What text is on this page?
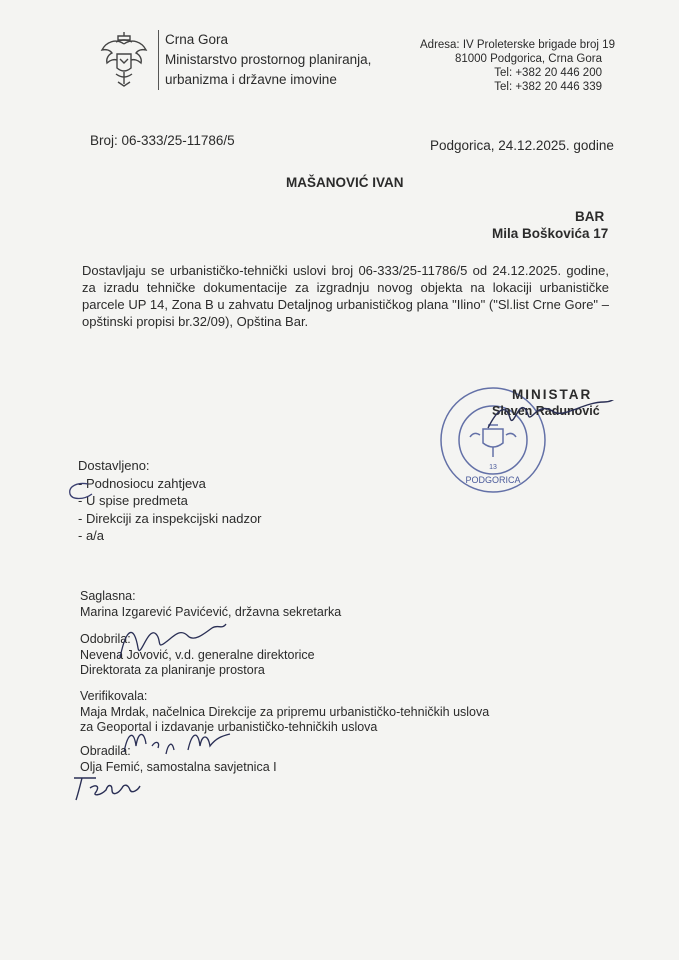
Crna Gora
Ministarstvo prostornog planiranja,
urbanizma i državne imovine
Adresa: IV Proleterske brigade broj 19
81000 Podgorica, Crna Gora
Tel: +382 20 446 200
Tel: +382 20 446 339
Broj: 06-333/25-11786/5	Podgorica, 24.12.2025. godine
MAŠANOVIĆ IVAN
BAR
Mila Boškovića 17

Dostavljaju se urbanističko-tehnički uslovi broj 06-333/25-11786/5 od 24.12.2025. godine, za izradu tehničke dokumentacije za izgradnju novog objekta na lokaciji urbanističke parcele UP 14, Zona B u zahvatu Detaljnog urbanističkog plana "Ilino" ("Sl.list Crne Gore" – opštinski propisi br.32/09), Opština Bar.

PODGORICA
13
MINISTAR
Slaven Radunović
Dostavljeno:
- Podnosiocu zahtjeva
- U spise predmeta
- Direkciji za inspekcijski nadzor
- a/a
Saglasna:
Marina Izgarević Pavićević, državna sekretarka
Odobrila:
Nevena Jovović, v.d. generalne direktorice
Direktorata za planiranje prostora
Verifikovala:
Maja Mrdak, načelnica Direkcije za pripremu urbanističko-tehničkih uslova
za Geoportal i izdavanje urbanističko-tehničkih uslova
Obradila:
Olja Femić, samostalna savjetnica I
